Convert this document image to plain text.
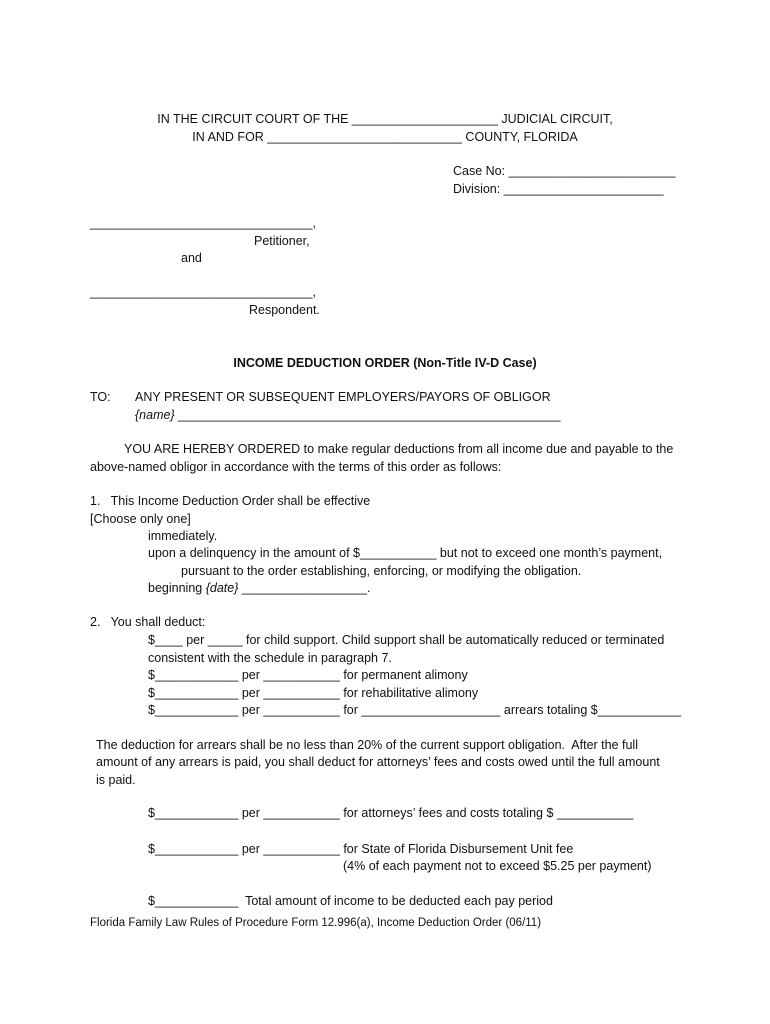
IN THE CIRCUIT COURT OF THE _____________________ JUDICIAL CIRCUIT,
IN AND FOR ____________________________ COUNTY, FLORIDA
Case No: ________________________
Division: _______________________
________________________________,
Petitioner,
and
________________________________,
Respondent.
INCOME DEDUCTION ORDER (Non-Title IV-D Case)
TO: ANY PRESENT OR SUBSEQUENT EMPLOYERS/PAYORS OF OBLIGOR
{name} _______________________________________________________
YOU ARE HEREBY ORDERED to make regular deductions from all income due and payable to the
above-named obligor in accordance with the terms of this order as follows:
1.   This Income Deduction Order shall be effective
[Choose only one]
immediately.
upon a delinquency in the amount of $___________ but not to exceed one month’s payment,
pursuant to the order establishing, enforcing, or modifying the obligation.
beginning {date} __________________.
2.   You shall deduct:
$____ per _____ for child support. Child support shall be automatically reduced or terminated
consistent with the schedule in paragraph 7.
$____________ per ___________ for permanent alimony
$____________ per ___________ for rehabilitative alimony
$____________ per ___________ for ____________________ arrears totaling $____________
The deduction for arrears shall be no less than 20% of the current support obligation.  After the full
amount of any arrears is paid, you shall deduct for attorneys’ fees and costs owed until the full amount
is paid.
$____________ per ___________ for attorneys’ fees and costs totaling $ ___________
$____________ per ___________ for State of Florida Disbursement Unit fee
(4% of each payment not to exceed $5.25 per payment)
$____________  Total amount of income to be deducted each pay period
Florida Family Law Rules of Procedure Form 12.996(a), Income Deduction Order (06/11)
